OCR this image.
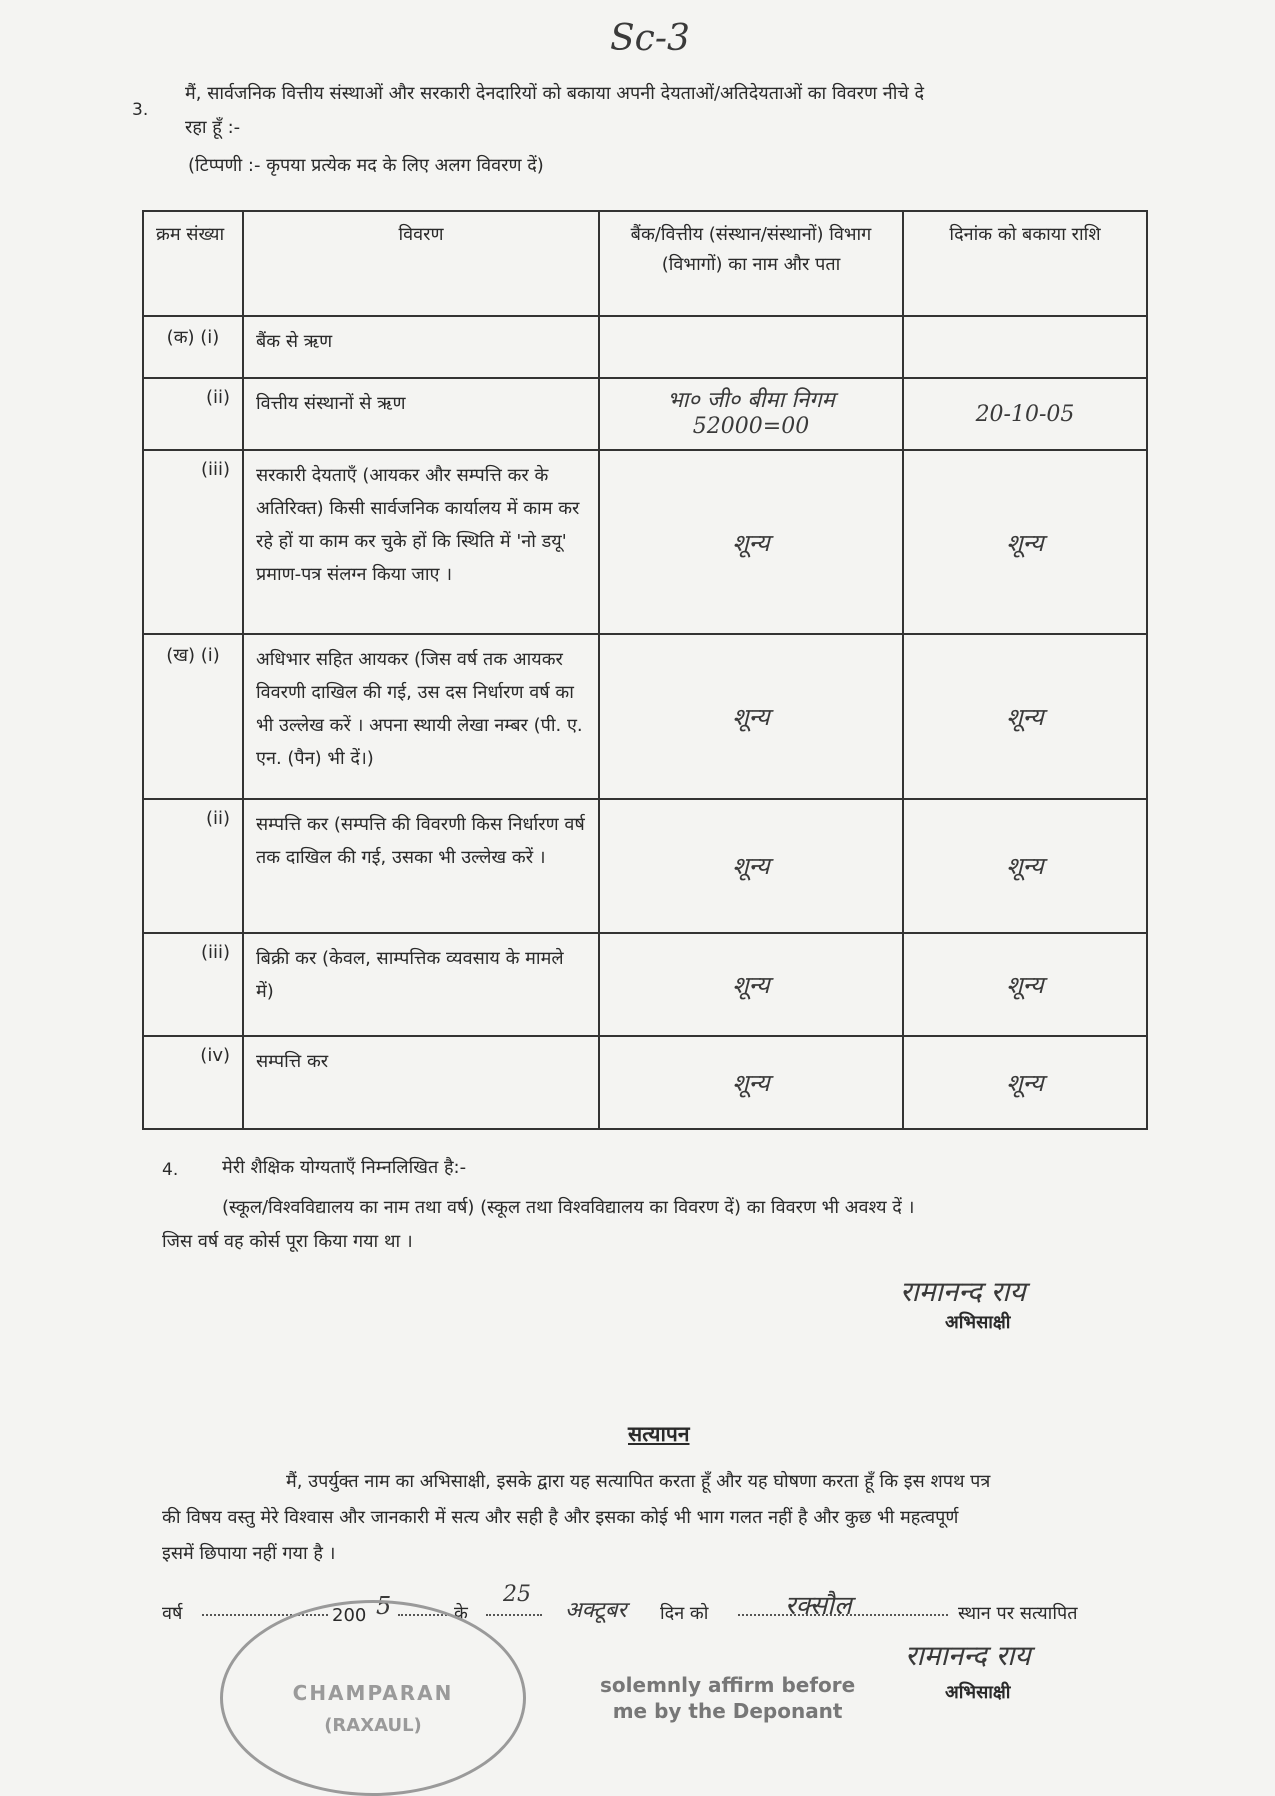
Sc-3
3.
मैं, सार्वजनिक वित्तीय संस्थाओं और सरकारी देनदारियों को बकाया अपनी देयताओं/अतिदेयताओं का विवरण नीचे दे
रहा हूँ :-
(टिप्पणी :- कृपया प्रत्येक मद के लिए अलग विवरण दें)
क्रम संख्या	विवरण	बैंक/वित्तीय (संस्थान/संस्थानों) विभाग (विभागों) का नाम और पता	दिनांक को बकाया राशि
(क) (i)	बैंक से ऋण		
(ii)	वित्तीय संस्थानों से ऋण	भा० जी० बीमा निगम 52000=00	20-10-05
(iii)	सरकारी देयताएँ (आयकर और सम्पत्ति कर के अतिरिक्त) किसी सार्वजनिक कार्यालय में काम कर रहे हों या काम कर चुके हों कि स्थिति में 'नो डयू' प्रमाण-पत्र संलग्न किया जाए ।	शून्य	शून्य
(ख) (i)	अधिभार सहित आयकर (जिस वर्ष तक आयकर विवरणी दाखिल की गई, उस दस निर्धारण वर्ष का भी उल्लेख करें । अपना स्थायी लेखा नम्बर (पी. ए. एन. (पैन) भी दें।)	शून्य	शून्य
(ii)	सम्पत्ति कर (सम्पत्ति की विवरणी किस निर्धारण वर्ष तक दाखिल की गई, उसका भी उल्लेख करें ।	शून्य	शून्य
(iii)	बिक्री कर (केवल, साम्पत्तिक व्यवसाय के मामले में)	शून्य	शून्य
(iv)	सम्पत्ति कर	शून्य	शून्य
4. मेरी शैक्षिक योग्यताएँ निम्नलिखित है:-
(स्कूल/विश्वविद्यालय का नाम तथा वर्ष) (स्कूल तथा विश्वविद्यालय का विवरण दें) का विवरण भी अवश्य दें ।
जिस वर्ष वह कोर्स पूरा किया गया था ।
रामानन्द राय
अभिसाक्षी
सत्यापन
मैं, उपर्युक्त नाम का अभिसाक्षी, इसके द्वारा यह सत्यापित करता हूँ और यह घोषणा करता हूँ कि इस शपथ पत्र
की विषय वस्तु मेरे विश्वास और जानकारी में सत्य और सही है और इसका कोई भी भाग गलत नहीं है और कुछ भी महत्वपूर्ण
इसमें छिपाया नहीं गया है ।
वर्ष	200 5	के
25
अक्टूबर दिन को	रक्सौल	स्थान पर सत्यापित
रामानन्द राय
अभिसाक्षी
CHAMPARAN
(RAXAUL)
solemnly affirm before
me by the Deponant
